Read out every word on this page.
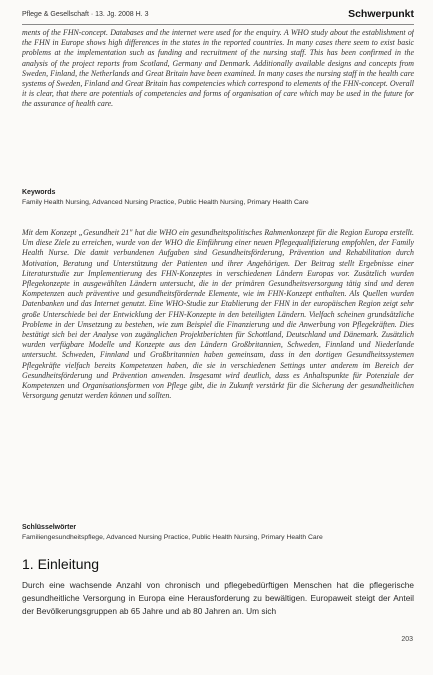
Pflege & Gesellschaft · 13. Jg. 2008 H. 3	Schwerpunkt
ments of the FHN-concept. Databases and the internet were used for the enquiry. A WHO study about the establishment of the FHN in Europe shows high differences in the states in the reported countries. In many cases there seem to exist basic problems at the implementation such as funding and recruitment of the nursing staff. This has been confirmed in the analysis of the project reports from Scotland, Germany and Denmark. Additionally available designs and concepts from Sweden, Finland, the Netherlands and Great Britain have been examined. In many cases the nursing staff in the health care systems of Sweden, Finland and Great Britain has competencies which correspond to elements of the FHN-concept. Overall it is clear, that there are potentials of competencies and forms of organisation of care which may be used in the future for the assurance of health care.
Keywords
Family Health Nursing, Advanced Nursing Practice, Public Health Nursing, Primary Health Care
Mit dem Konzept „Gesundheit 21" hat die WHO ein gesundheitspolitisches Rahmenkonzept für die Region Europa erstellt. Um diese Ziele zu erreichen, wurde von der WHO die Einführung einer neuen Pflegequalifizierung empfohlen, der Family Health Nurse. Die damit verbundenen Aufgaben sind Gesundheitsförderung, Prävention und Rehabilitation durch Motivation, Beratung und Unterstützung der Patienten und ihrer Angehörigen. Der Beitrag stellt Ergebnisse einer Literaturstudie zur Implementierung des FHN-Konzeptes in verschiedenen Ländern Europas vor. Zusätzlich wurden Pflegekonzepte in ausgewählten Ländern untersucht, die in der primären Gesundheitsversorgung tätig sind und deren Kompetenzen auch präventive und gesundheitsfördernde Elemente, wie im FHN-Konzept enthalten. Als Quellen wurden Datenbanken und das Internet genutzt. Eine WHO-Studie zur Etablierung der FHN in der europäischen Region zeigt sehr große Unterschiede bei der Entwicklung der FHN-Konzepte in den beteiligten Ländern. Vielfach scheinen grundsätzliche Probleme in der Umsetzung zu bestehen, wie zum Beispiel die Finanzierung und die Anwerbung von Pflegekräften. Dies bestätigt sich bei der Analyse von zugänglichen Projektberichten für Schottland, Deutschland und Dänemark. Zusätzlich wurden verfügbare Modelle und Konzepte aus den Ländern Großbritannien, Schweden, Finnland und Niederlande untersucht. Schweden, Finnland und Großbritannien haben gemeinsam, dass in den dortigen Gesundheitssystemen Pflegekräfte vielfach bereits Kompetenzen haben, die sie in verschiedenen Settings unter anderem im Bereich der Gesundheitsförderung und Prävention anwenden. Insgesamt wird deutlich, dass es Anhaltspunkte für Potenziale der Kompetenzen und Organisationsformen von Pflege gibt, die in Zukunft verstärkt für die Sicherung der gesundheitlichen Versorgung genutzt werden können und sollten.
Schlüsselwörter
Familiengesundheitspflege, Advanced Nursing Practice, Public Health Nursing, Primary Health Care
1. Einleitung
Durch eine wachsende Anzahl von chronisch und pflegebedürftigen Menschen hat die pflegerische gesundheitliche Versorgung in Europa eine Herausforderung zu bewältigen. Europaweit steigt der Anteil der Bevölkerungsgruppen ab 65 Jahre und ab 80 Jahren an. Um sich
203
